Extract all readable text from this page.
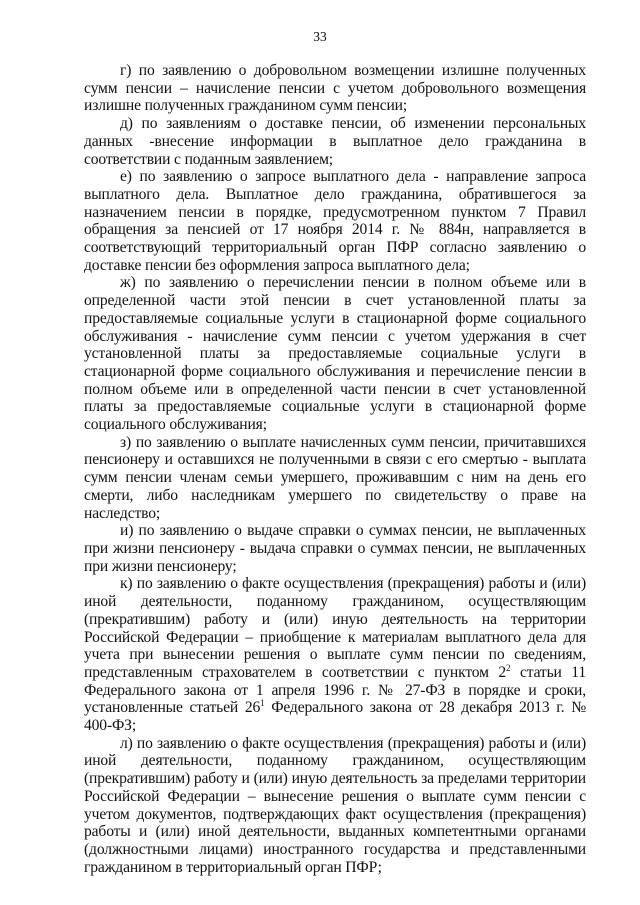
33

г) по заявлению о добровольном возмещении излишне полученных сумм пенсии – начисление пенсии с учетом добровольного возмещения излишне полученных гражданином сумм пенсии;

д) по заявлениям о доставке пенсии, об изменении персональных данных -внесение информации в выплатное дело гражданина в соответствии с поданным заявлением;

е) по заявлению о запросе выплатного дела - направление запроса выплатного дела. Выплатное дело гражданина, обратившегося за назначением пенсии в порядке, предусмотренном пунктом 7 Правил обращения за пенсией от 17 ноября 2014 г. № 884н, направляется в соответствующий территориальный орган ПФР согласно заявлению о доставке пенсии без оформления запроса выплатного дела;

ж) по заявлению о перечислении пенсии в полном объеме или в определенной части этой пенсии в счет установленной платы за предоставляемые социальные услуги в стационарной форме социального обслуживания - начисление сумм пенсии с учетом удержания в счет установленной платы за предоставляемые социальные услуги в стационарной форме социального обслуживания и перечисление пенсии в полном объеме или в определенной части пенсии в счет установленной платы за предоставляемые социальные услуги в стационарной форме социального обслуживания;

з) по заявлению о выплате начисленных сумм пенсии, причитавшихся пенсионеру и оставшихся не полученными в связи с его смертью - выплата сумм пенсии членам семьи умершего, проживавшим с ним на день его смерти, либо наследникам умершего по свидетельству о праве на наследство;

и) по заявлению о выдаче справки о суммах пенсии, не выплаченных при жизни пенсионеру - выдача справки о суммах пенсии, не выплаченных при жизни пенсионеру;

к) по заявлению о факте осуществления (прекращения) работы и (или) иной деятельности, поданному гражданином, осуществляющим (прекратившим) работу и (или) иную деятельность на территории Российской Федерации – приобщение к материалам выплатного дела для учета при вынесении решения о выплате сумм пенсии по сведениям, представленным страхователем в соответствии с пунктом $2^2$ статьи 11 Федерального закона от 1 апреля 1996 г. № 27-ФЗ в порядке и сроки, установленные статьей $26^1$ Федерального закона от 28 декабря 2013 г. № 400-ФЗ;

л) по заявлению о факте осуществления (прекращения) работы и (или) иной деятельности, поданному гражданином, осуществляющим (прекратившим) работу и (или) иную деятельность за пределами территории Российской Федерации – вынесение решения о выплате сумм пенсии с учетом документов, подтверждающих факт осуществления (прекращения) работы и (или) иной деятельности, выданных компетентными органами (должностными лицами) иностранного государства и представленными гражданином в территориальный орган ПФР;
